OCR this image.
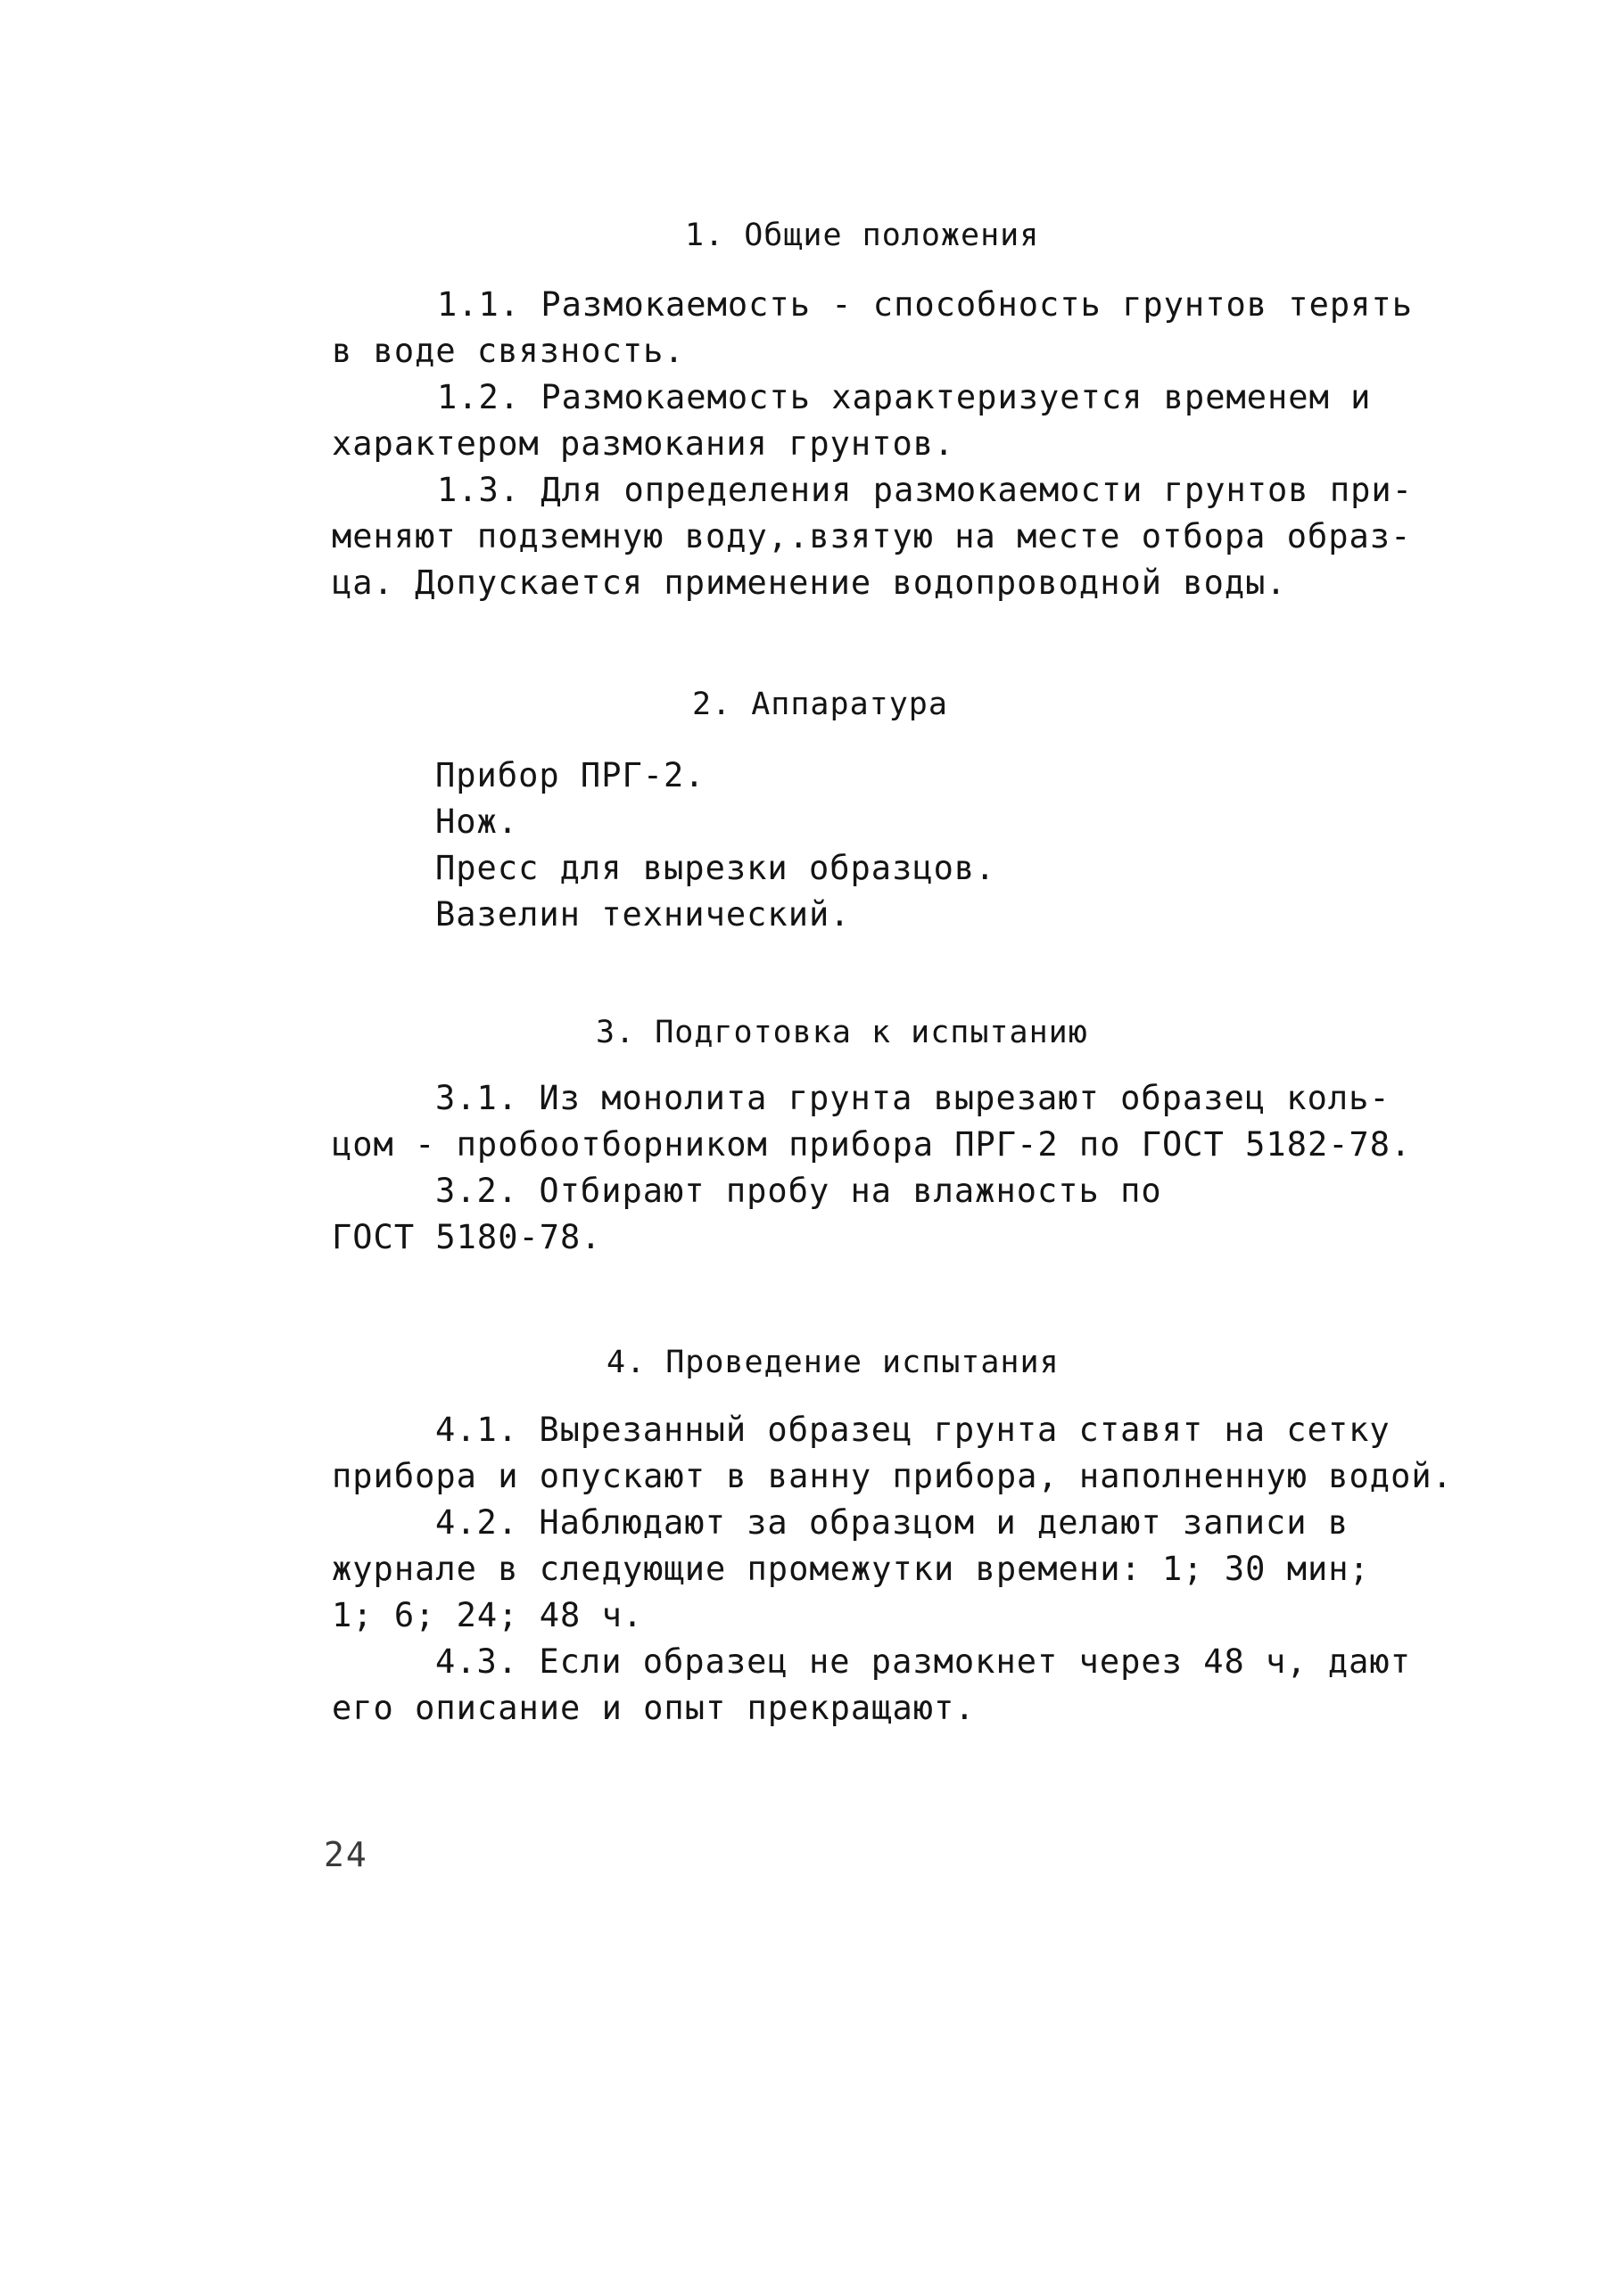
1. Общие положения
1.1. Размокаемость - способность грунтов терять
в воде связность.
1.2. Размокаемость характеризуется временем и
характером размокания грунтов.
1.3. Для определения размокаемости грунтов при-
меняют подземную воду,.взятую на месте отбора образ-
ца. Допускается применение водопроводной воды.
2. Аппаратура
Прибор ПРГ-2.
Нож.
Пресс для вырезки образцов.
Вазелин технический.
3. Подготовка к испытанию
3.1. Из монолита грунта вырезают образец коль-
цом - пробоотборником прибора ПРГ-2 по ГОСТ 5182-78.
3.2. Отбирают пробу на влажность по
ГОСТ 5180-78.
4. Проведение испытания
4.1. Вырезанный образец грунта ставят на сетку
прибора и опускают в ванну прибора, наполненную водой.
4.2. Наблюдают за образцом и делают записи в
журнале в следующие промежутки времени: 1; 30 мин;
1; 6; 24; 48 ч.
4.3. Если образец не размокнет через 48 ч, дают
его описание и опыт прекращают.
24
